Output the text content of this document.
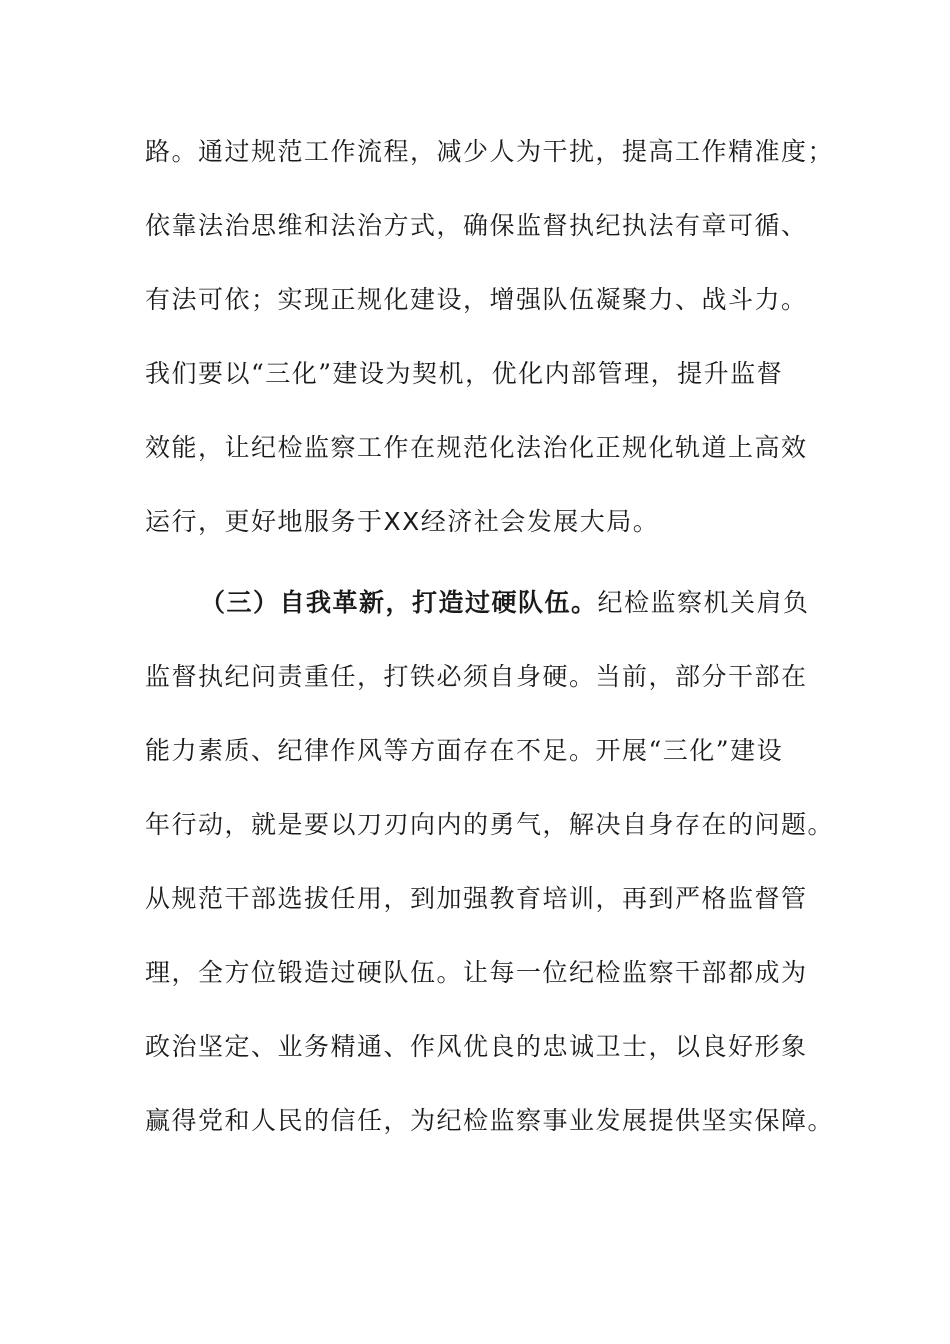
路。通过规范工作流程，减少人为干扰，提高工作精准度；
依靠法治思维和法治方式，确保监督执纪执法有章可循、
有法可依；实现正规化建设，增强队伍凝聚力、战斗力。
我们要以“三化”建设为契机，优化内部管理，提升监督
效能，让纪检监察工作在规范化法治化正规化轨道上高效
运行，更好地服务于XX经济社会发展大局。
（三）自我革新，打造过硬队伍。纪检监察机关肩负
监督执纪问责重任，打铁必须自身硬。当前，部分干部在
能力素质、纪律作风等方面存在不足。开展“三化”建设
年行动，就是要以刀刃向内的勇气，解决自身存在的问题。
从规范干部选拔任用，到加强教育培训，再到严格监督管
理，全方位锻造过硬队伍。让每一位纪检监察干部都成为
政治坚定、业务精通、作风优良的忠诚卫士，以良好形象
赢得党和人民的信任，为纪检监察事业发展提供坚实保障。
